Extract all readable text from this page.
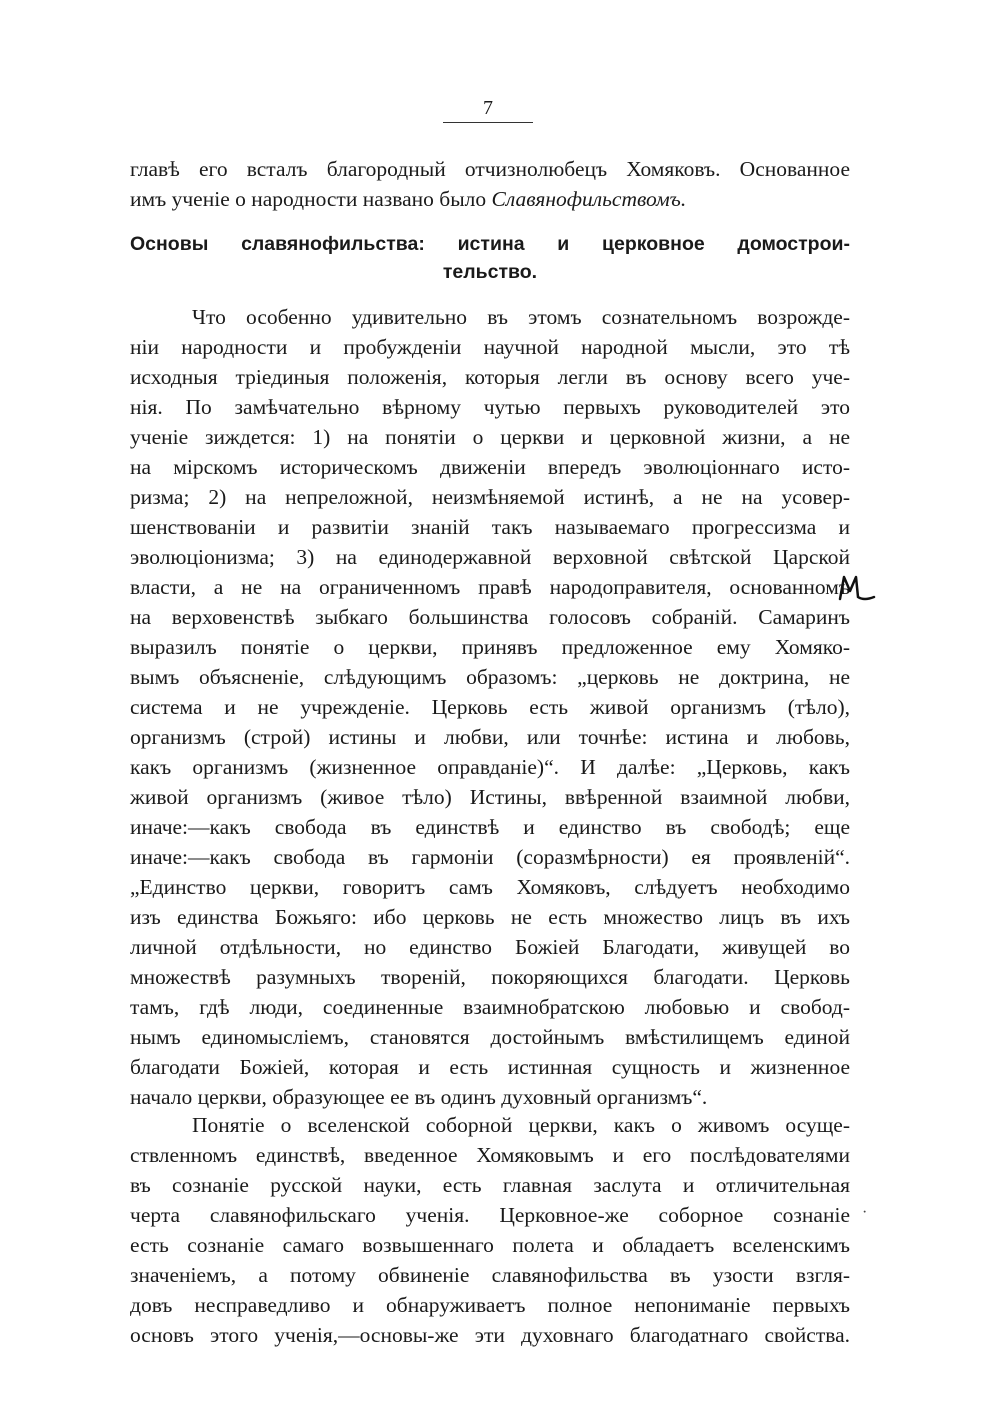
7
главѣ его всталъ благородный отчизнолюбецъ Хомяковъ. Основанное
имъ ученіе о народности названо было Славянофильствомъ.
Основы славянофильства: истина и церковное домострои-
тельство.
Что особенно удивительно въ этомъ сознательномъ возрожде-
ніи народности и пробужденіи научной народной мысли, это тѣ
исходныя тріединыя положенія, которыя легли въ основу всего уче-
нія. По замѣчательно вѣрному чутью первыхъ руководителей это
ученіе зиждется: 1) на понятіи о церкви и церковной жизни, а не
на мірскомъ историческомъ движеніи впередъ эволюціоннаго исто-
ризма; 2) на непреложной, неизмѣняемой истинѣ, а не на усовер-
шенствованіи и развитіи знаній такъ называемаго прогрессизма и
эволюціонизма; 3) на единодержавной верховной свѣтской Царской
власти, а не на ограниченномъ правѣ народоправителя, основанномъ
на верховенствѣ зыбкаго большинства голосовъ собраній. Самаринъ
выразилъ понятіе о церкви, принявъ предложенное ему Хомяко-
вымъ объясненіе, слѣдующимъ образомъ: „церковь не доктрина, не
система и не учрежденіе. Церковь есть живой организмъ (тѣло),
организмъ (строй) истины и любви, или точнѣе: истина и любовь,
какъ организмъ (жизненное оправданіе)“. И далѣе: „Церковь, какъ
живой организмъ (живое тѣло) Истины, ввѣренной взаимной любви,
иначе:—какъ свобода въ единствѣ и единство въ свободѣ; еще
иначе:—какъ свобода въ гармоніи (соразмѣрности) ея проявленій“.
„Единство церкви, говоритъ самъ Хомяковъ, слѣдуетъ необходимо
изъ единства Божьяго: ибо церковь не есть множество лицъ въ ихъ
личной отдѣльности, но единство Божіей Благодати, живущей во
множествѣ разумныхъ твореній, покоряющихся благодати. Церковь
тамъ, гдѣ люди, соединенные взаимнобратскою любовью и свобод-
нымъ единомысліемъ, становятся достойнымъ вмѣстилищемъ единой
благодати Божіей, которая и есть истинная сущность и жизненное
начало церкви, образующее ее въ одинъ духовный организмъ“.
Понятіе о вселенской соборной церкви, какъ о живомъ осуще-
ствленномъ единствѣ, введенное Хомяковымъ и его послѣдователями
въ сознаніе русской науки, есть главная заслута и отличительная
черта славянофильскаго ученія. Церковное-же соборное сознаніе
есть сознаніе самаго возвышеннаго полета и обладаетъ вселенскимъ
значеніемъ, а потому обвиненіе славянофильства въ узости взгля-
довъ несправедливо и обнаруживаетъ полное непониманіе первыхъ
основъ этого ученія,—основы-же эти духовнаго благодатнаго свойства.
·
